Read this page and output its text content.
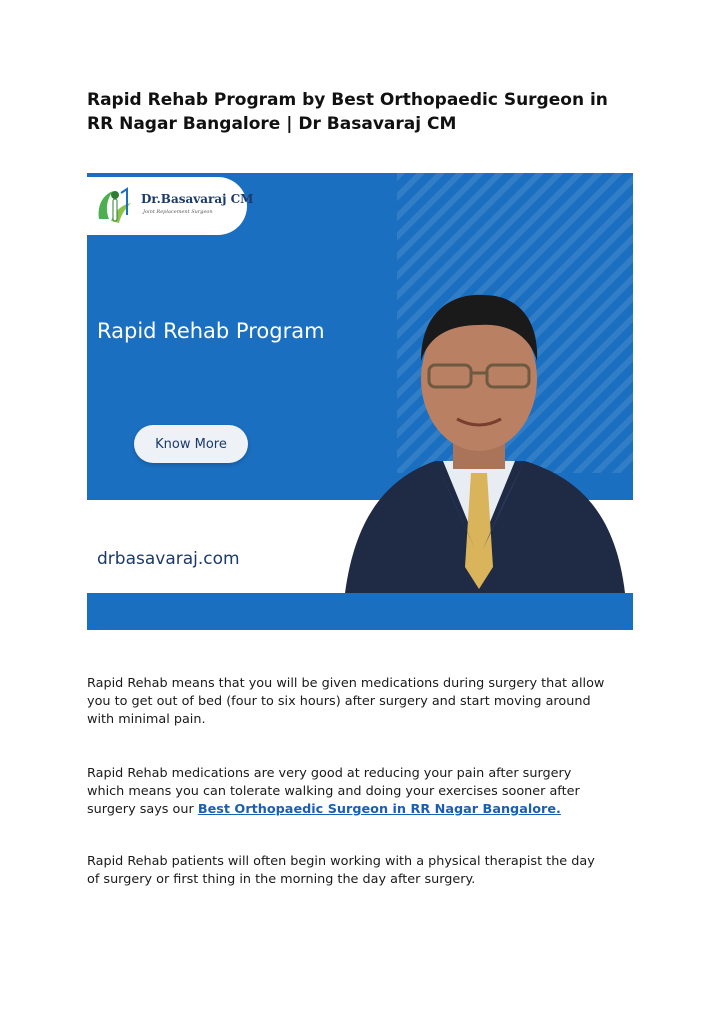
Rapid Rehab Program by Best Orthopaedic Surgeon in
RR Nagar Bangalore | Dr Basavaraj CM
Dr.Basavaraj CM
Joint Replacement Surgeon
Rapid Rehab Program
Know More
drbasavaraj.com

Rapid Rehab means that you will be given medications during surgery that allow
you to get out of bed (four to six hours) after surgery and start moving around
with minimal pain.

Rapid Rehab medications are very good at reducing your pain after surgery
which means you can tolerate walking and doing your exercises sooner after
surgery says our Best Orthopaedic Surgeon in RR Nagar Bangalore.

Rapid Rehab patients will often begin working with a physical therapist the day
of surgery or first thing in the morning the day after surgery.
